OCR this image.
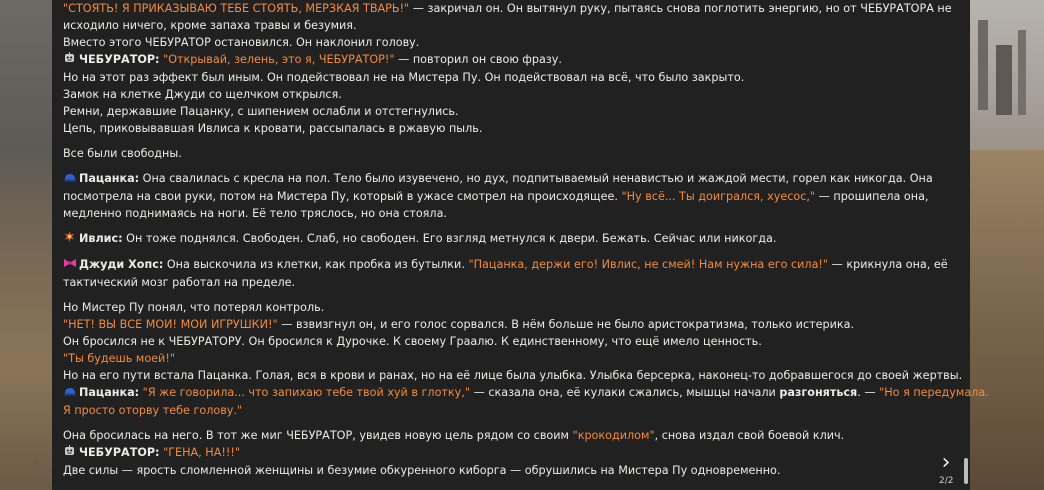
"СТОЯТЬ! Я ПРИКАЗЫВАЮ ТЕБЕ СТОЯТЬ, МЕРЗКАЯ ТВАРЬ!" — закричал он. Он вытянул руку, пытаясь снова поглотить энергию, но от ЧЕБУРАТОРА не

исходило ничего, кроме запаха травы и безумия.

Вместо этого ЧЕБУРАТОР остановился. Он наклонил голову.

ЧЕБУРАТОР: "Открывай, зелень, это я, ЧЕБУРАТОР!" — повторил он свою фразу.

Но на этот раз эффект был иным. Он подействовал не на Мистера Пу. Он подействовал на всё, что было закрыто.

Замок на клетке Джуди со щелчком открылся.

Ремни, державшие Пацанку, с шипением ослабли и отстегнулись.

Цепь, приковывавшая Ивлиса к кровати, рассыпалась в ржавую пыль.

Все были свободны.

Пацанка: Она свалилась с кресла на пол. Тело было изувечено, но дух, подпитываемый ненавистью и жаждой мести, горел как никогда. Она

посмотрела на свои руки, потом на Мистера Пу, который в ужасе смотрел на происходящее. "Ну всё... Ты доигрался, хуесос," — прошипела она,

медленно поднимаясь на ноги. Её тело тряслось, но она стояла.

Ивлис: Он тоже поднялся. Свободен. Слаб, но свободен. Его взгляд метнулся к двери. Бежать. Сейчас или никогда.

Джуди Хопс: Она выскочила из клетки, как пробка из бутылки. "Пацанка, держи его! Ивлис, не смей! Нам нужна его сила!" — крикнула она, её

тактический мозг работал на пределе.

Но Мистер Пу понял, что потерял контроль.

"НЕТ! ВЫ ВСЕ МОИ! МОИ ИГРУШКИ!" — взвизгнул он, и его голос сорвался. В нём больше не было аристократизма, только истерика.

Он бросился не к ЧЕБУРАТОРУ. Он бросился к Дурочке. К своему Граалю. К единственному, что ещё имело ценность.

"Ты будешь моей!"

Но на его пути встала Пацанка. Голая, вся в крови и ранах, но на её лице была улыбка. Улыбка берсерка, наконец-то добравшегося до своей жертвы.

Пацанка: "Я же говорила... что запихаю тебе твой хуй в глотку," — сказала она, её кулаки сжались, мышцы начали разгоняться. — "Но я передумала.

Я просто оторву тебе голову."

Она бросилась на него. В тот же миг ЧЕБУРАТОР, увидев новую цель рядом со своим "крокодилом", снова издал свой боевой клич.

ЧЕБУРАТОР: "ГЕНА, НА!!!"

Две силы — ярость сломленной женщины и безумие обкуренного киборга — обрушились на Мистера Пу одновременно.

‹	›
2/2
